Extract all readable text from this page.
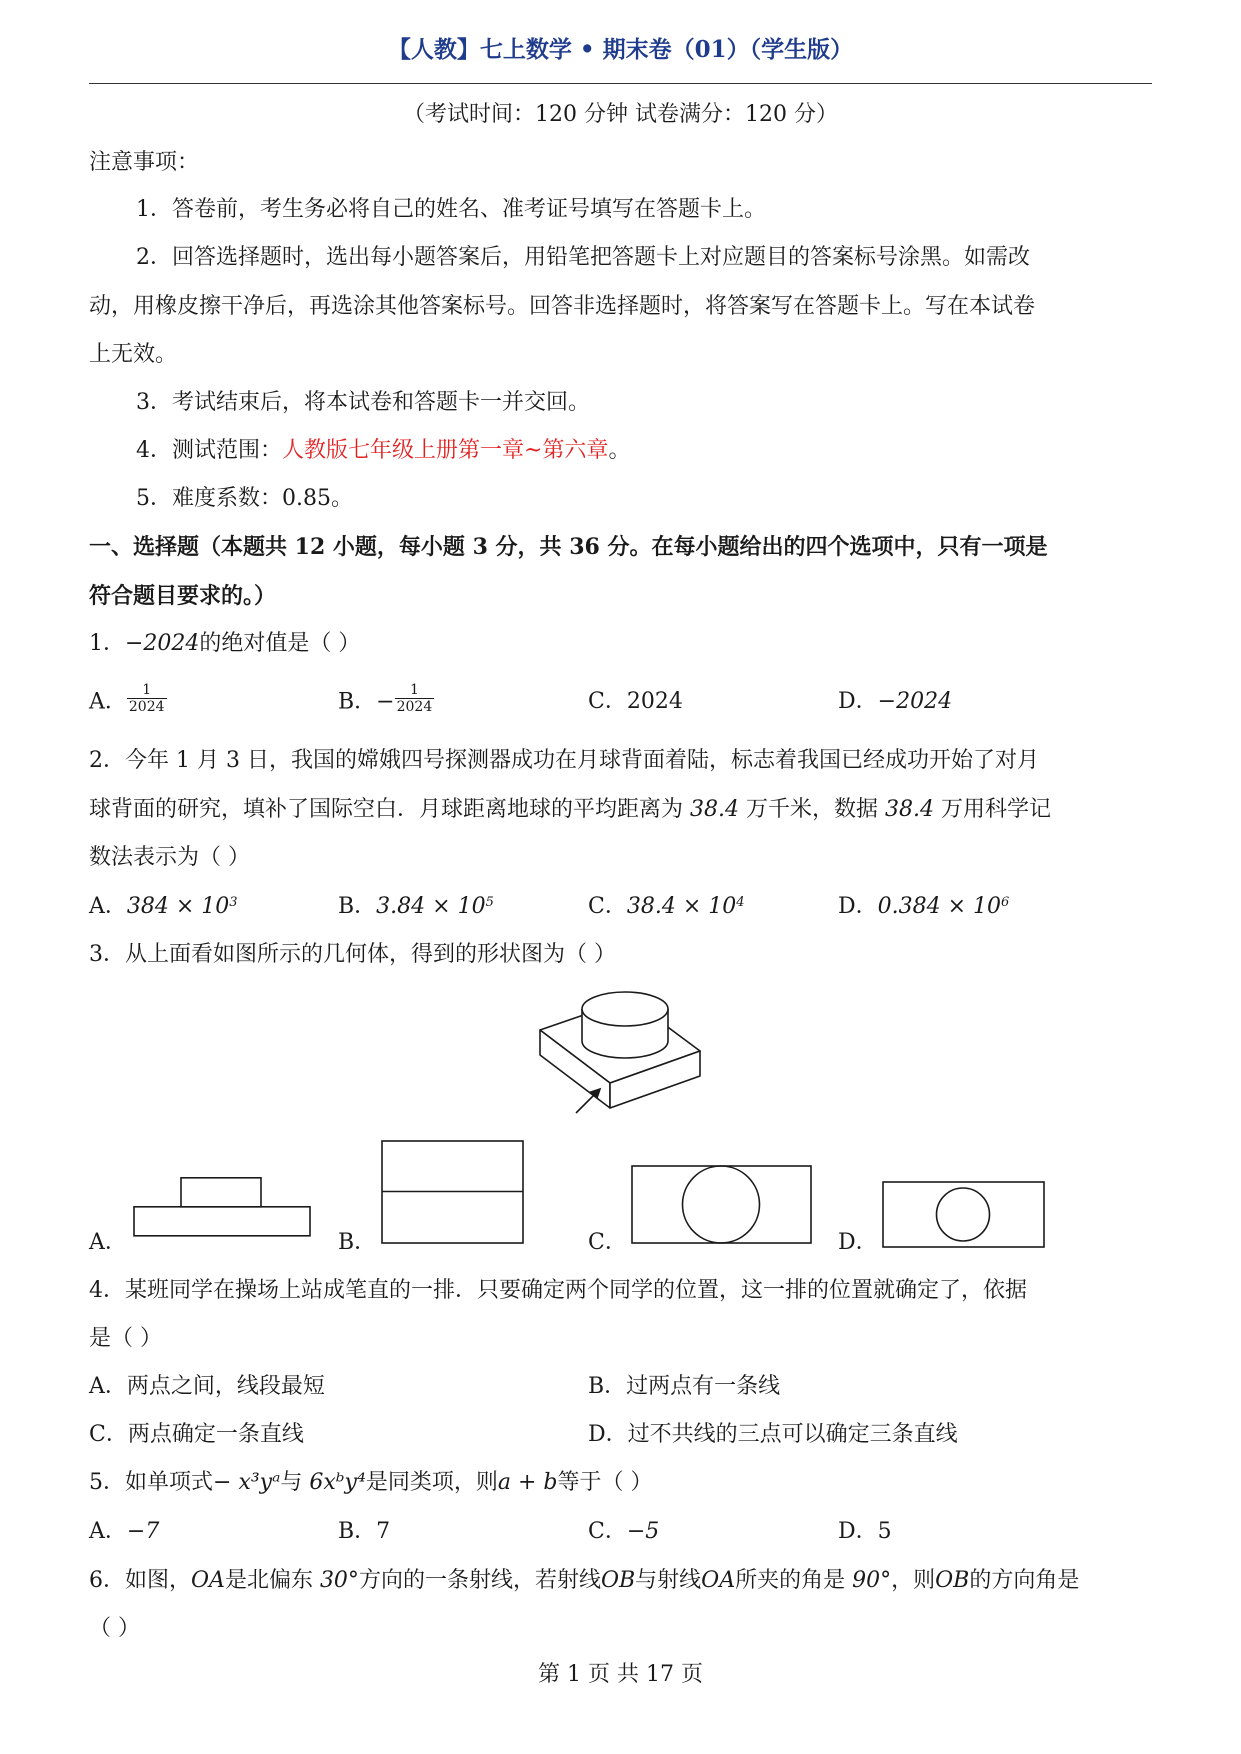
【人教】七上数学 • 期末卷（01）（学生版）
（考试时间：120 分钟 试卷满分：120 分）
注意事项：
1．答卷前，考生务必将自己的姓名、准考证号填写在答题卡上。
2．回答选择题时，选出每小题答案后，用铅笔把答题卡上对应题目的答案标号涂黑。如需改
动，用橡皮擦干净后，再选涂其他答案标号。回答非选择题时，将答案写在答题卡上。写在本试卷
上无效。
3．考试结束后，将本试卷和答题卡一并交回。
4．测试范围：人教版七年级上册第一章~第六章。
5．难度系数：0.85。
一、选择题（本题共 12 小题，每小题 3 分，共 36 分。在每小题给出的四个选项中，只有一项是
符合题目要求的。）
1．−2024的绝对值是（ ）
A． $\frac{1}{2024}$	B．− $\frac{1}{2024}$	C．2024	D．−2024
2．今年 1 月 3 日，我国的嫦娥四号探测器成功在月球背面着陆，标志着我国已经成功开始了对月
球背面的研究，填补了国际空白．月球距离地球的平均距离为 38.4 万千米，数据 38.4 万用科学记
数法表示为（ ）
A．$384 \times 10^3$	B．$3.84 \times 10^5$	C．$38.4 \times 10^4$	D．$0.384 \times 10^6$
3．从上面看如图所示的几何体，得到的形状图为（ ）
A．	B．	C．	D．
4．某班同学在操场上站成笔直的一排．只要确定两个同学的位置，这一排的位置就确定了，依据
是（ ）
A．两点之间，线段最短	B．过两点有一条线
C．两点确定一条直线	D．过不共线的三点可以确定三条直线
5．如单项式− x³yᵃ与 6xᵇy⁴是同类项，则a + b等于（ ）
A．−7	B．7	C．−5	D．5
6．如图，OA是北偏东 30°方向的一条射线，若射线OB与射线OA所夹的角是 90°，则OB的方向角是
（ ）
第 1 页 共 17 页
